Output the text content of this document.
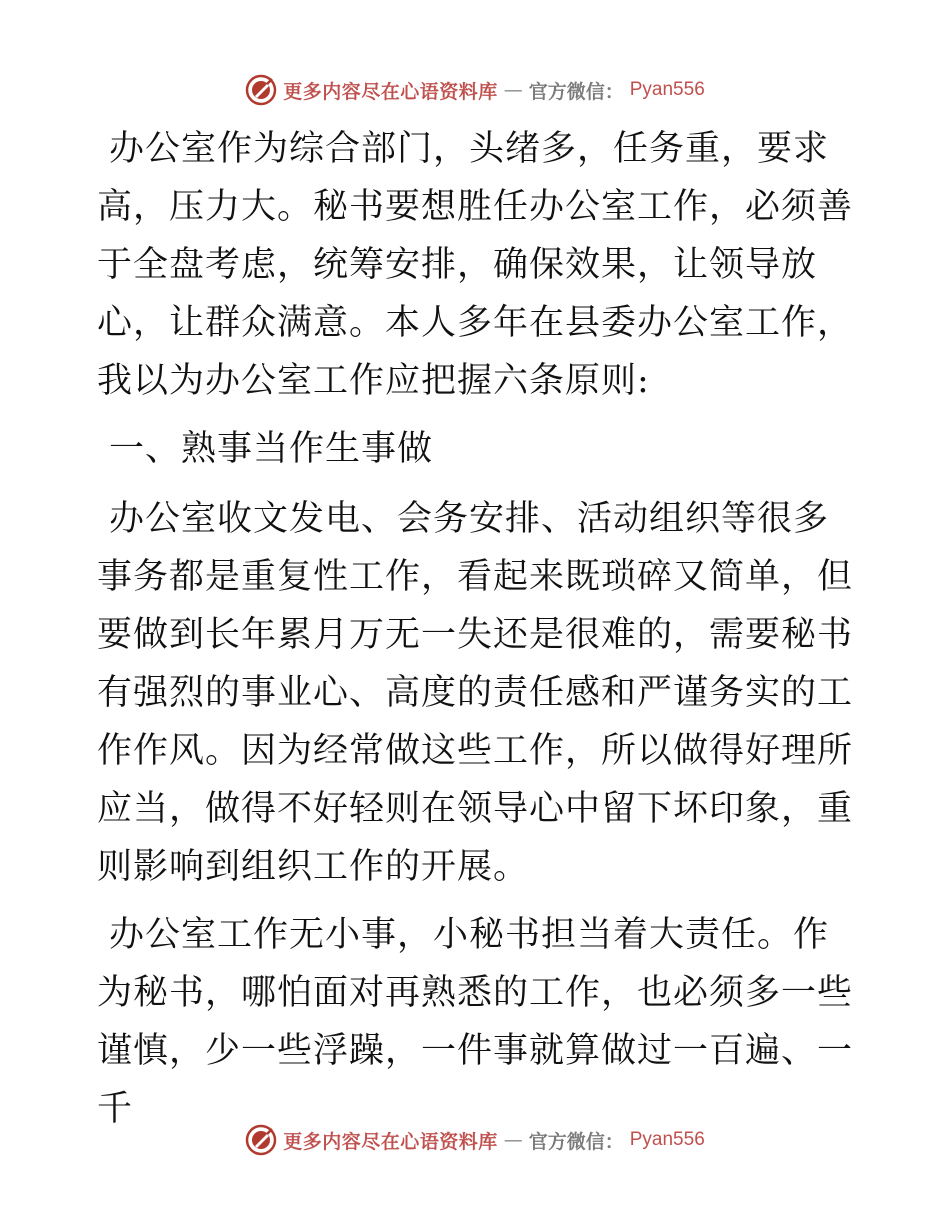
更多内容尽在心语资料库 — 官方微信： Pyan556

办公室作为综合部门，头绪多，任务重，要求高，压力大。秘书要想胜任办公室工作，必须善于全盘考虑，统筹安排，确保效果，让领导放心，让群众满意。本人多年在县委办公室工作，我以为办公室工作应把握六条原则:

一、熟事当作生事做

办公室收文发电、会务安排、活动组织等很多事务都是重复性工作，看起来既琐碎又简单，但要做到长年累月万无一失还是很难的，需要秘书有强烈的事业心、高度的责任感和严谨务实的工作作风。因为经常做这些工作，所以做得好理所应当，做得不好轻则在领导心中留下坏印象，重则影响到组织工作的开展。

办公室工作无小事，小秘书担当着大责任。作为秘书，哪怕面对再熟悉的工作，也必须多一些谨慎，少一些浮躁，一件事就算做过一百遍、一千

更多内容尽在心语资料库 — 官方微信： Pyan556
